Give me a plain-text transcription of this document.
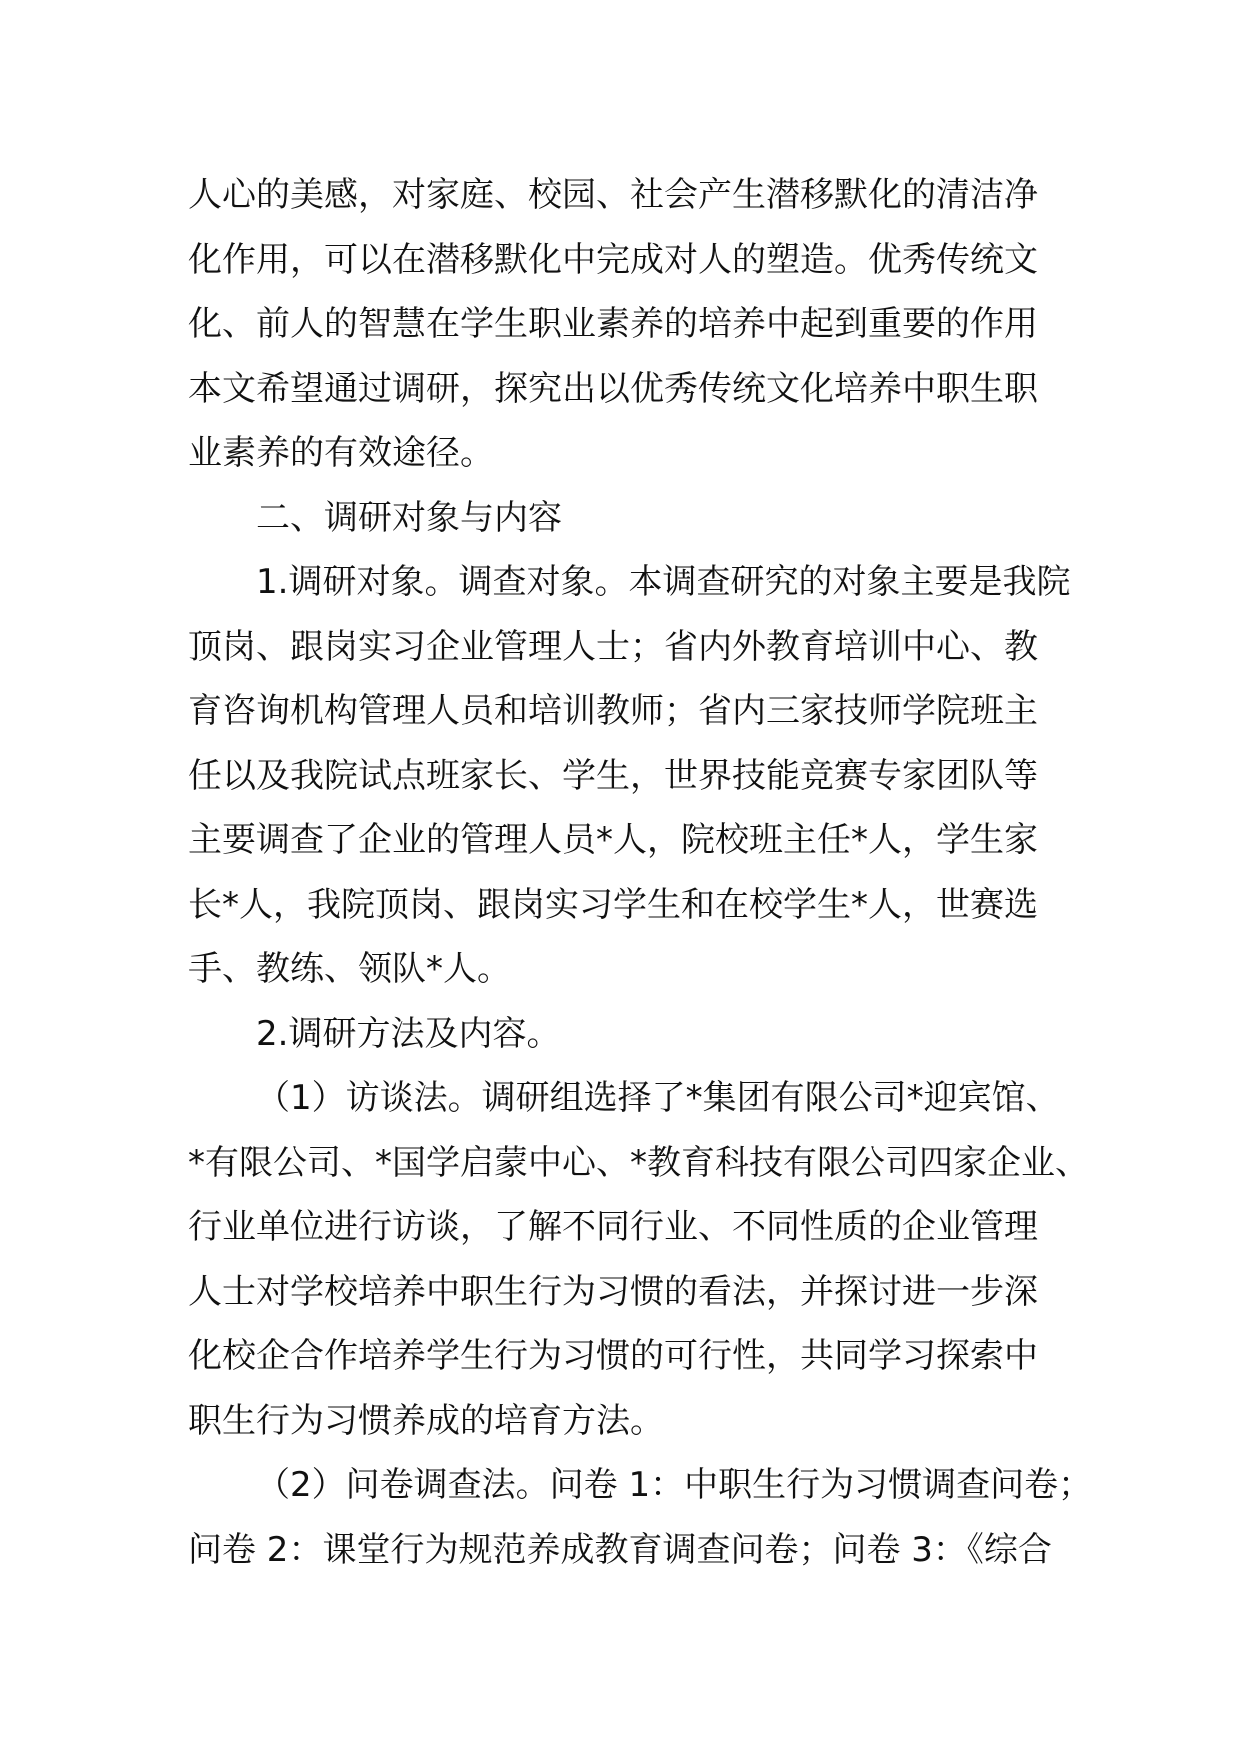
人心的美感，对家庭、校园、社会产生潜移默化的清洁净
化作用，可以在潜移默化中完成对人的塑造。优秀传统文
化、前人的智慧在学生职业素养的培养中起到重要的作用
本文希望通过调研，探究出以优秀传统文化培养中职生职
业素养的有效途径。
二、调研对象与内容
1.调研对象。调查对象。本调查研究的对象主要是我院
顶岗、跟岗实习企业管理人士；省内外教育培训中心、教
育咨询机构管理人员和培训教师；省内三家技师学院班主
任以及我院试点班家长、学生，世界技能竞赛专家团队等
主要调查了企业的管理人员*人，院校班主任*人，学生家
长*人，我院顶岗、跟岗实习学生和在校学生*人，世赛选
手、教练、领队*人。
2.调研方法及内容。
（1）访谈法。调研组选择了*集团有限公司*迎宾馆、
*有限公司、*国学启蒙中心、*教育科技有限公司四家企业、
行业单位进行访谈，了解不同行业、不同性质的企业管理
人士对学校培养中职生行为习惯的看法，并探讨进一步深
化校企合作培养学生行为习惯的可行性，共同学习探索中
职生行为习惯养成的培育方法。
（2）问卷调查法。问卷 1：中职生行为习惯调查问卷；
问卷 2：课堂行为规范养成教育调查问卷；问卷 3：《综合
